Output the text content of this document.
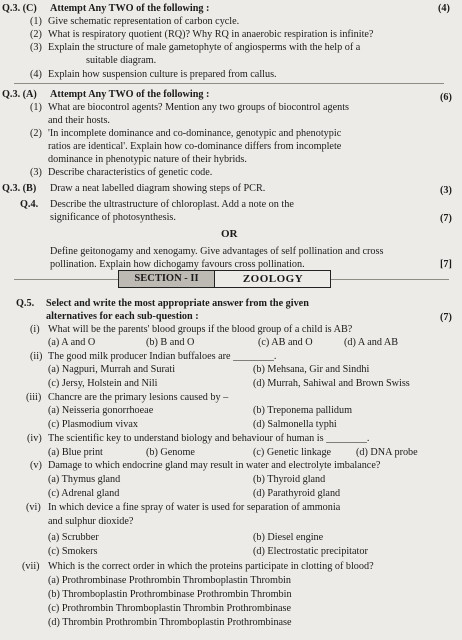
Q.3. (C) Attempt Any TWO of the following :	(4)
(1) Give schematic representation of carbon cycle.
(2) What is respiratory quotient (RQ)? Why RQ in anaerobic respiration is infinite?
(3) Explain the structure of male gametophyte of angiosperms with the help of a
suitable diagram.
(4) Explain how suspension culture is prepared from callus.
Q.3. (A) Attempt Any TWO of the following :	(6)
(1) What are biocontrol agents? Mention any two groups of biocontrol agents
and their hosts.
(2) 'In incomplete dominance and co-dominance, genotypic and phenotypic
ratios are identical'. Explain how co-dominance differs from incomplete
dominance in phenotypic nature of their hybrids.
(3) Describe characteristics of genetic code.
Q.3. (B) Draw a neat labelled diagram showing steps of PCR.	(3)
Q.4. Describe the ultrastructure of chloroplast. Add a note on the
significance of photosynthesis.	(7)
OR
Define geitonogamy and xenogamy. Give advantages of self pollination and cross
pollination. Explain how dichogamy favours cross pollination.	[7]
SECTION - II	ZOOLOGY
Q.5. Select and write the most appropriate answer from the given
alternatives for each sub-question :	(7)
(i) What will be the parents' blood groups if the blood group of a child is AB?
(a) A and O	(b) B and O	(c) AB and O	(d) A and AB
(ii) The good milk producer Indian buffaloes are ________.
(a) Nagpuri, Murrah and Surati	(b) Mehsana, Gir and Sindhi
(c) Jersy, Holstein and Nili	(d) Murrah, Sahiwal and Brown Swiss
(iii) Chancre are the primary lesions caused by –
(a) Neisseria gonorrhoeae	(b) Treponema pallidum
(c) Plasmodium vivax	(d) Salmonella typhi
(iv) The scientific key to understand biology and behaviour of human is ________.
(a) Blue print	(b) Genome	(c) Genetic linkage (d) DNA probe
(v) Damage to which endocrine gland may result in water and electrolyte imbalance?
(a) Thymus gland	(b) Thyroid gland
(c) Adrenal gland	(d) Parathyroid gland
(vi) In which device a fine spray of water is used for separation of ammonia
and sulphur dioxide?
(a) Scrubber	(b) Diesel engine
(c) Smokers	(d) Electrostatic precipitator
(vii) Which is the correct order in which the proteins participate in clotting of blood?
(a) Prothrombinase Prothrombin Thromboplastin Thrombin
(b) Thromboplastin Prothrombinase Prothrombin Thrombin
(c) Prothrombin Thromboplastin Thrombin Prothrombinase
(d) Thrombin Prothrombin Thromboplastin Prothrombinase
